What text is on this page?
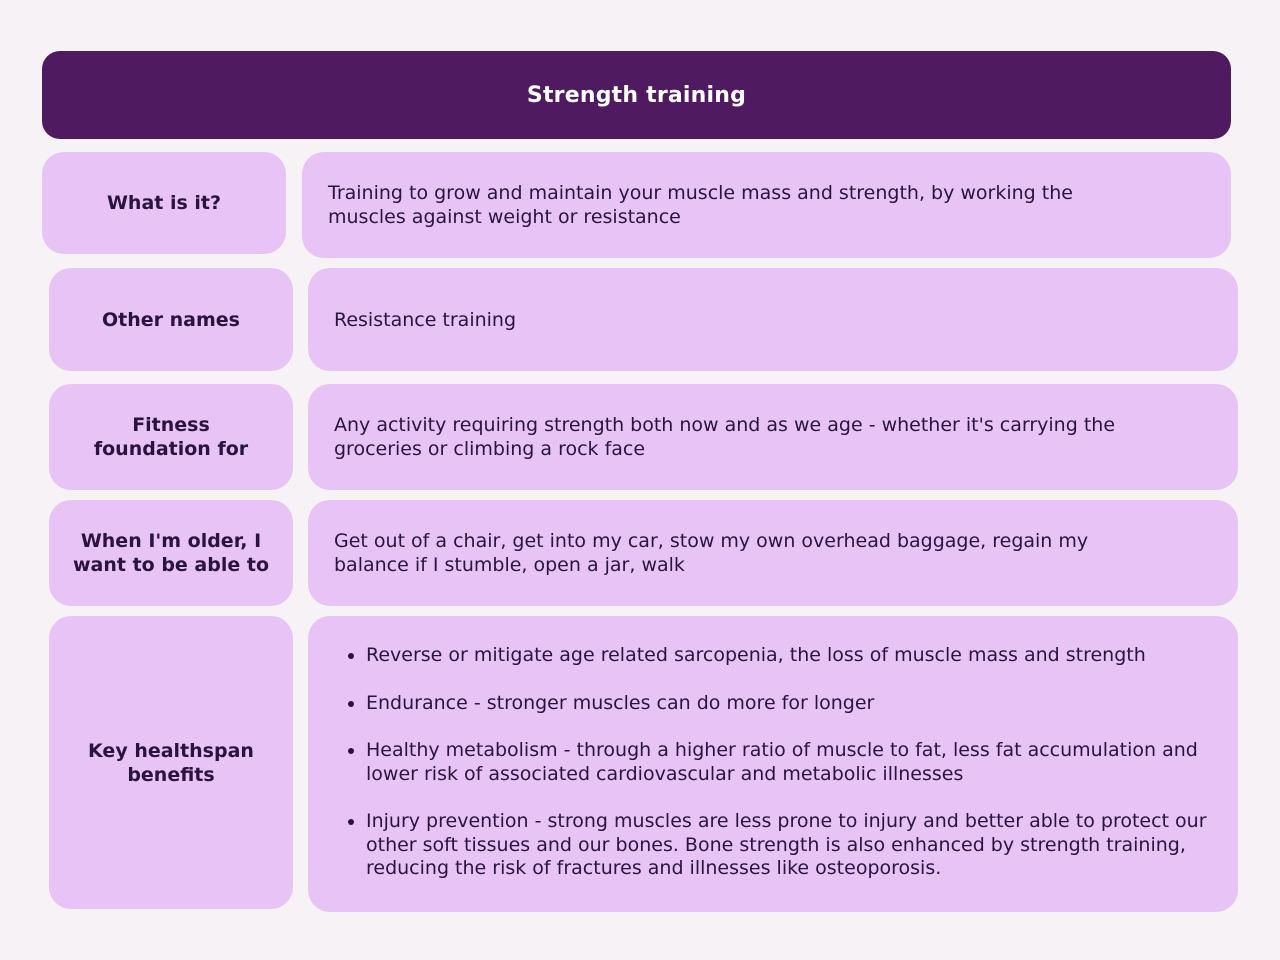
Strength training
What is it?	Training to grow and maintain your muscle mass and strength, by working the muscles against weight or resistance
Other names	Resistance training
Fitness foundation for
Any activity requiring strength both now and as we age - whether it's carrying the groceries or climbing a rock face
When I'm older, I want to be able to
Get out of a chair, get into my car, stow my own overhead baggage, regain my balance if I stumble, open a jar, walk
Key healthspan benefits
• Reverse or mitigate age related sarcopenia, the loss of muscle mass and strength
• Endurance - stronger muscles can do more for longer
• Healthy metabolism - through a higher ratio of muscle to fat, less fat accumulation and lower risk of associated cardiovascular and metabolic illnesses
• Injury prevention - strong muscles are less prone to injury and better able to protect our other soft tissues and our bones. Bone strength is also enhanced by strength training, reducing the risk of fractures and illnesses like osteoporosis.
